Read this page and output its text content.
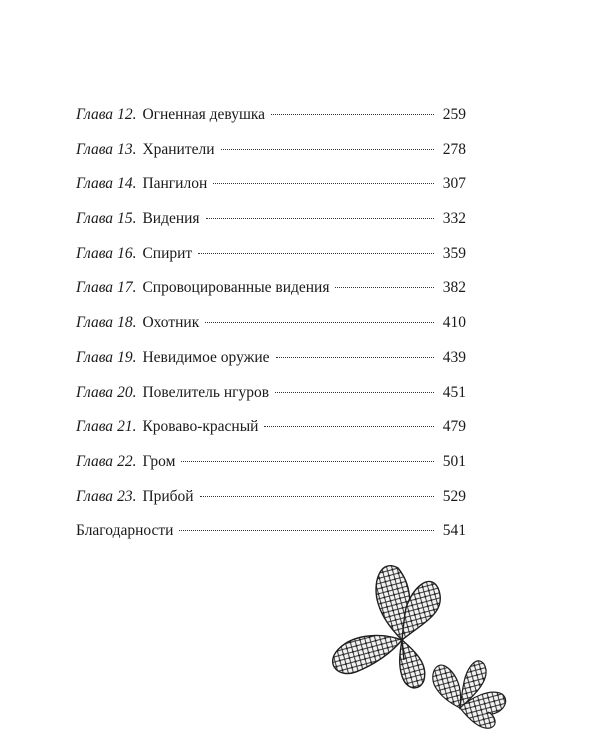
Глава 12. Огненная девушка	259
Глава 13. Хранители	278
Глава 14. Пангилон	307
Глава 15. Видения	332
Глава 16. Спирит	359
Глава 17. Спровоцированные видения	382
Глава 18. Охотник	410
Глава 19. Невидимое оружие	439
Глава 20. Повелитель нгуров	451
Глава 21. Кроваво-красный	479
Глава 22. Гром	501
Глава 23. Прибой	529
Благодарности	541
